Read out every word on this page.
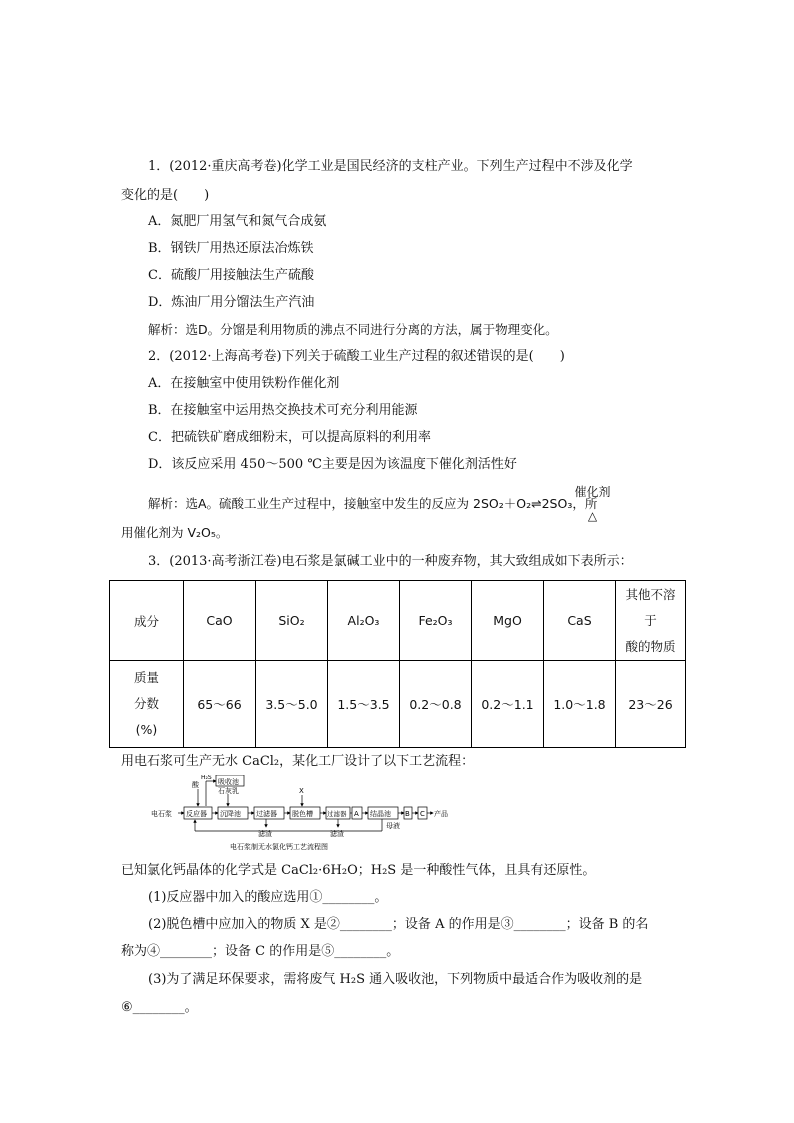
1．(2012·重庆高考卷)化学工业是国民经济的支柱产业。下列生产过程中不涉及化学
变化的是(　　)
A．氮肥厂用氢气和氮气合成氨
B．钢铁厂用热还原法冶炼铁
C．硫酸厂用接触法生产硫酸
D．炼油厂用分馏法生产汽油
解析：选D。分馏是利用物质的沸点不同进行分离的方法，属于物理变化。
2．(2012·上海高考卷)下列关于硫酸工业生产过程的叙述错误的是(　　)
A．在接触室中使用铁粉作催化剂
B．在接触室中运用热交换技术可充分利用能源
C．把硫铁矿磨成细粉末，可以提高原料的利用率
D．该反应采用 450～500 ℃主要是因为该温度下催化剂活性好
催化剂
△
解析：选A。硫酸工业生产过程中，接触室中发生的反应为 2SO₂＋O₂⇌2SO₃，所
用催化剂为 V₂O₅。
3．(2013·高考浙江卷)电石浆是氯碱工业中的一种废弃物，其大致组成如下表所示：
成分	CaO	SiO₂	Al₂O₃	Fe₂O₃	MgO	CaS	其他不溶
于
酸的物质

质量
分数
(%)	65～66	3.5～5.0	1.5～3.5	0.2～0.8	0.2～1.1	1.0～1.8	23～26
用电石浆可生产无水 CaCl₂，某化工厂设计了以下工艺流程：
电石浆
酸
H₂S
吸收池
石灰乳	X
反应器 沉降池 过滤器 脱色槽 过滤器 A 结晶池 B C 产品
滤渣	滤渣
母液
电石浆制无水氯化钙工艺流程图
已知氯化钙晶体的化学式是 CaCl₂·6H₂O；H₂S 是一种酸性气体，且具有还原性。
(1)反应器中加入的酸应选用①________。
(2)脱色槽中应加入的物质 X 是②________；设备 A 的作用是③________；设备 B 的名
称为④________；设备 C 的作用是⑤________。
(3)为了满足环保要求，需将废气 H₂S 通入吸收池，下列物质中最适合作为吸收剂的是
⑥________。
